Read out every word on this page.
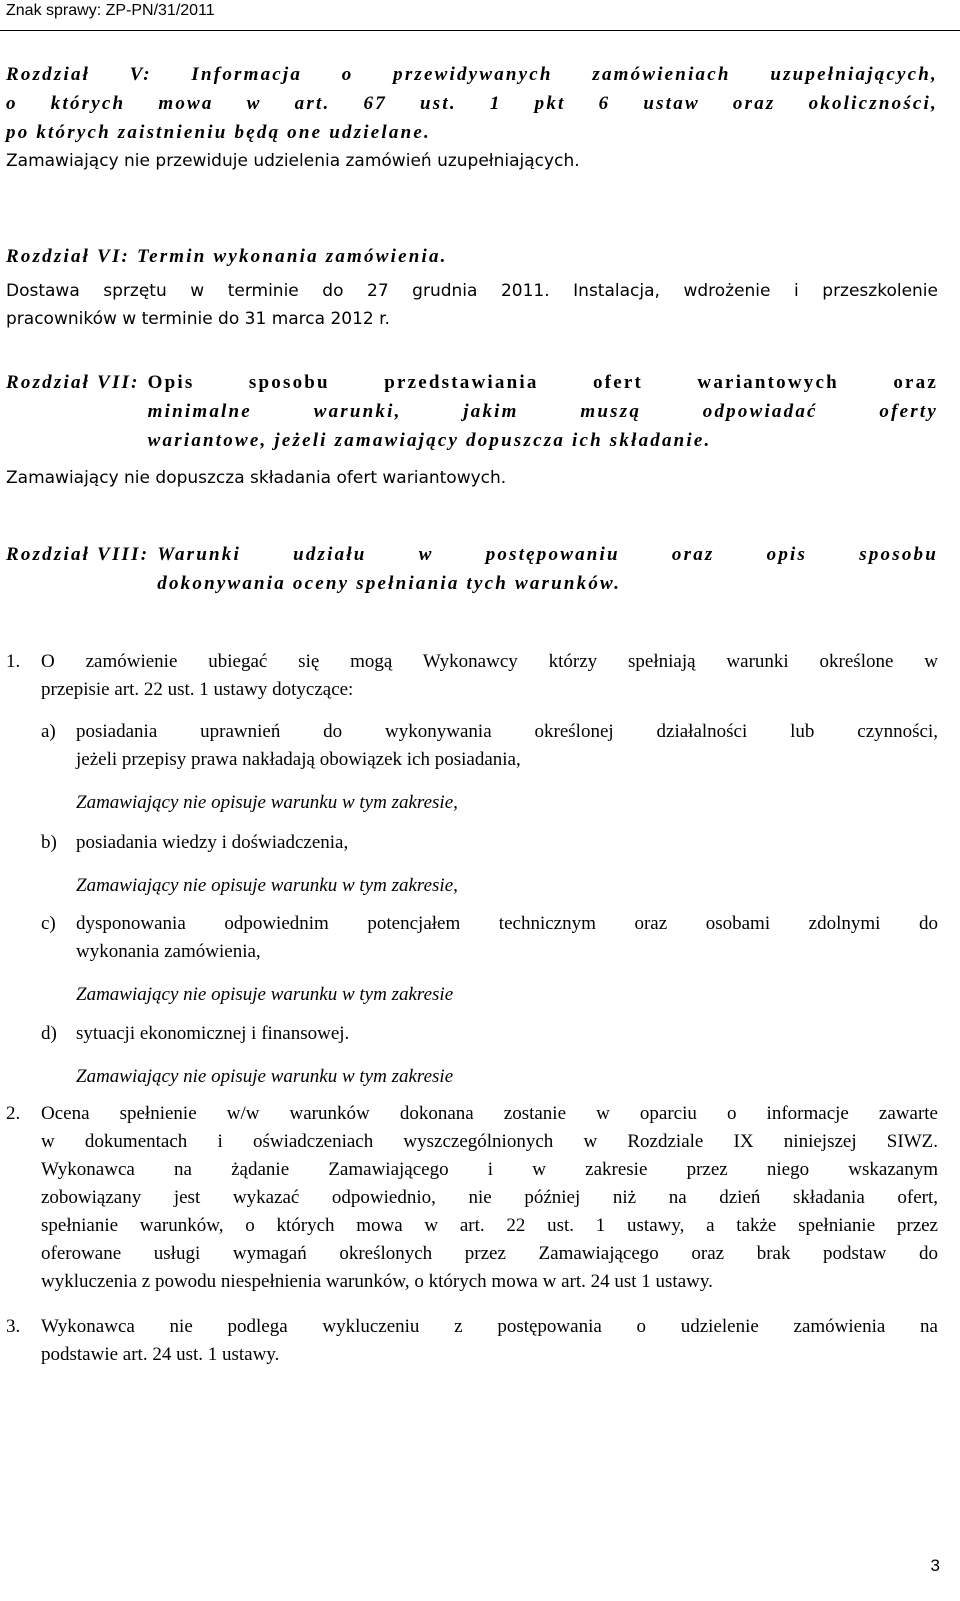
Znak sprawy: ZP-PN/31/2011

Rozdział V: Informacja o przewidywanych zamówieniach uzupełniających,

o których mowa w art. 67 ust. 1 pkt 6 ustaw oraz okoliczności,

po których zaistnieniu będą one udzielane.

Zamawiający nie przewiduje udzielenia zamówień uzupełniających.

Rozdział VI: Termin wykonania zamówienia.

Dostawa sprzętu w terminie do 27 grudnia 2011. Instalacja, wdrożenie i przeszkolenie

pracowników w terminie do 31 marca 2012 r.

Rozdział VII: Opis sposobu przedstawiania ofert wariantowych oraz
minimalne warunki, jakim muszą odpowiadać oferty
wariantowe, jeżeli zamawiający dopuszcza ich składanie.

Zamawiający nie dopuszcza składania ofert wariantowych.

Rozdział VIII: Warunki udziału w postępowaniu oraz opis sposobu
dokonywania oceny spełniania tych warunków.
1.	O zamówienie ubiegać się mogą Wykonawcy którzy spełniają warunki określone w
przepisie art. 22 ust. 1 ustawy dotyczące:
a)	posiadania uprawnień do wykonywania określonej działalności lub czynności,
jeżeli przepisy prawa nakładają obowiązek ich posiadania,
Zamawiający nie opisuje warunku w tym zakresie,
b)	posiadania wiedzy i doświadczenia,
Zamawiający nie opisuje warunku w tym zakresie,
c)	dysponowania odpowiednim potencjałem technicznym oraz osobami zdolnymi do
wykonania zamówienia,
Zamawiający nie opisuje warunku w tym zakresie
d)	sytuacji ekonomicznej i finansowej.
Zamawiający nie opisuje warunku w tym zakresie
2.	Ocena spełnienie w/w warunków dokonana zostanie w oparciu o informacje zawarte
w dokumentach i oświadczeniach wyszczególnionych w Rozdziale IX niniejszej SIWZ.
Wykonawca na żądanie Zamawiającego i w zakresie przez niego wskazanym
zobowiązany jest wykazać odpowiednio, nie później niż na dzień składania ofert,
spełnianie warunków, o których mowa w art. 22 ust. 1 ustawy, a także spełnianie przez
oferowane usługi wymagań określonych przez Zamawiającego oraz brak podstaw do
wykluczenia z powodu niespełnienia warunków, o których mowa w art. 24 ust 1 ustawy.
3.	Wykonawca nie podlega wykluczeniu z postępowania o udzielenie zamówienia na
podstawie art. 24 ust. 1 ustawy.
3
